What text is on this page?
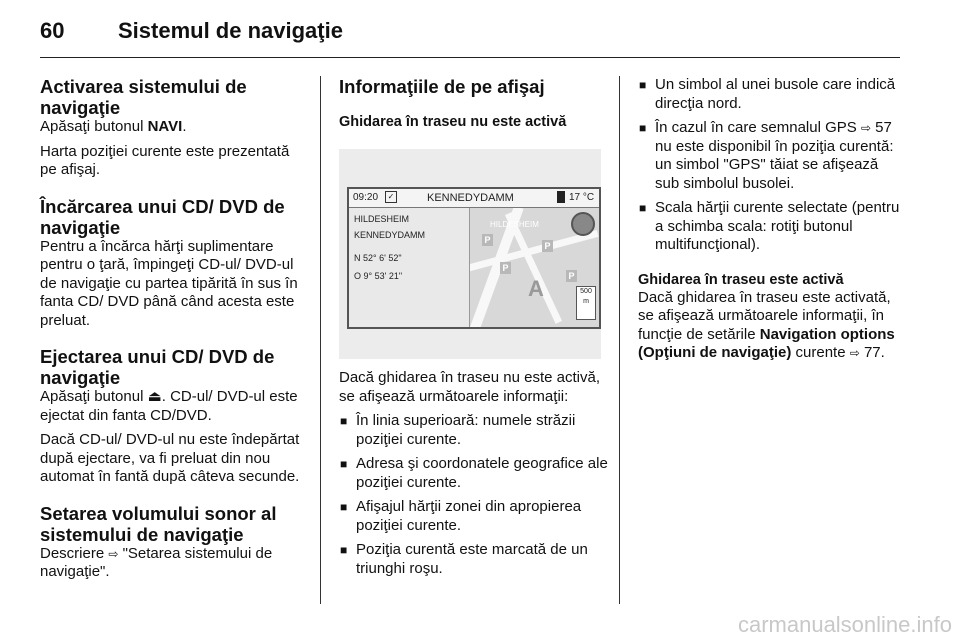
60 Sistemul de navigaţie
Activarea sistemului de navigaţie

Apăsaţi butonul NAVI.

Harta poziţiei curente este prezentată pe afişaj.

Încărcarea unui CD/ DVD de navigaţie

Pentru a încărca hărţi suplimentare pentru o ţară, împingeţi CD-ul/ DVD-ul de navigaţie cu partea tipărită în sus în fanta CD/ DVD până când acesta este preluat.

Ejectarea unui CD/ DVD de navigaţie

Apăsaţi butonul ⏏. CD-ul/ DVD-ul este ejectat din fanta CD/DVD.

Dacă CD-ul/ DVD-ul nu este îndepărtat după ejectare, va fi preluat din nou automat în fantă după câteva secunde.

Setarea volumului sonor al sistemului de navigaţie

Descriere ⇨ "Setarea sistemului de navigaţie".

Informaţiile de pe afişaj
Ghidarea în traseu nu este activă
09:20	✓	KENNEDYDAMM	17 °C
HILDESHEIM
KENNEDYDAMM
N 52° 6' 52"
O 9° 53' 21"
HILDESHEIM
P
P
P
P
A	500 m

Dacă ghidarea în traseu nu este activă, se afişează următoarele informaţii:

■ În linia superioară: numele străzii poziţiei curente.
■ Adresa şi coordonatele geografice ale poziţiei curente.
■ Afişajul hărţii zonei din apropierea poziţiei curente.
■ Poziţia curentă este marcată de un triunghi roşu.
■ Un simbol al unei busole care indică direcţia nord.
■ În cazul în care semnalul GPS ⇨ 57 nu este disponibil în poziţia curentă: un simbol "GPS" tăiat se afişează sub simbolul busolei.
■ Scala hărţii curente selectate (pentru a schimba scala: rotiţi butonul multifuncţional).
Ghidarea în traseu este activă

Dacă ghidarea în traseu este activată, se afişează următoarele informaţii, în funcţie de setările Navigation options (Opţiuni de navigaţie) curente ⇨ 77.

carmanualsonline.info
